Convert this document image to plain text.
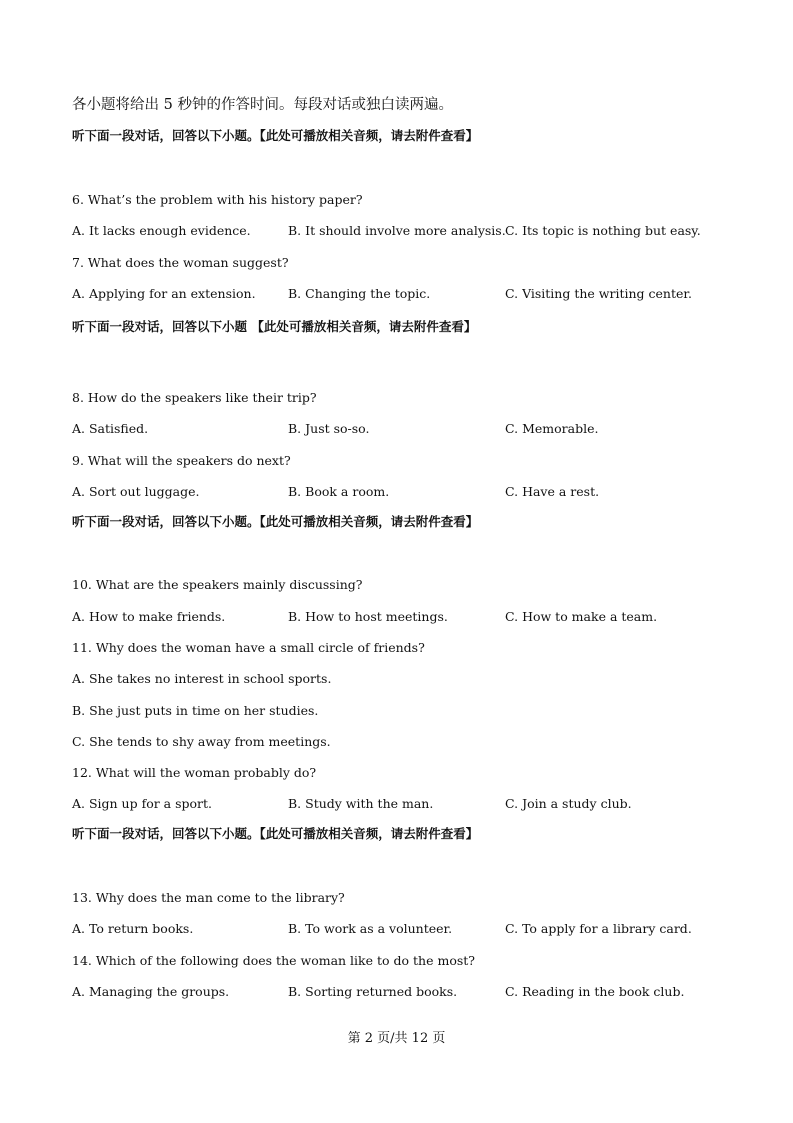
各小题将给出 5 秒钟的作答时间。每段对话或独白读两遍。
听下面一段对话，回答以下小题。【此处可播放相关音频，请去附件查看】
6. What’s the problem with his history paper?
A. It lacks enough evidence.	B. It should involve more analysis. C. Its topic is nothing but easy.
7. What does the woman suggest?
A. Applying for an extension.	B. Changing the topic.	C. Visiting the writing center.
听下面一段对话，回答以下小题 【此处可播放相关音频，请去附件查看】
8. How do the speakers like their trip?
A. Satisfied.	B. Just so-so.	C. Memorable.
9. What will the speakers do next?
A. Sort out luggage.	B. Book a room.	C. Have a rest.
听下面一段对话，回答以下小题。【此处可播放相关音频，请去附件查看】
10. What are the speakers mainly discussing?
A. How to make friends.	B. How to host meetings.	C. How to make a team.
11. Why does the woman have a small circle of friends?
A. She takes no interest in school sports.
B. She just puts in time on her studies.
C. She tends to shy away from meetings.
12. What will the woman probably do?
A. Sign up for a sport.	B. Study with the man.	C. Join a study club.
听下面一段对话，回答以下小题。【此处可播放相关音频，请去附件查看】
13. Why does the man come to the library?
A. To return books.	B. To work as a volunteer.	C. To apply for a library card.
14. Which of the following does the woman like to do the most?
A. Managing the groups.	B. Sorting returned books.	C. Reading in the book club.
第 2 页/共 12 页
